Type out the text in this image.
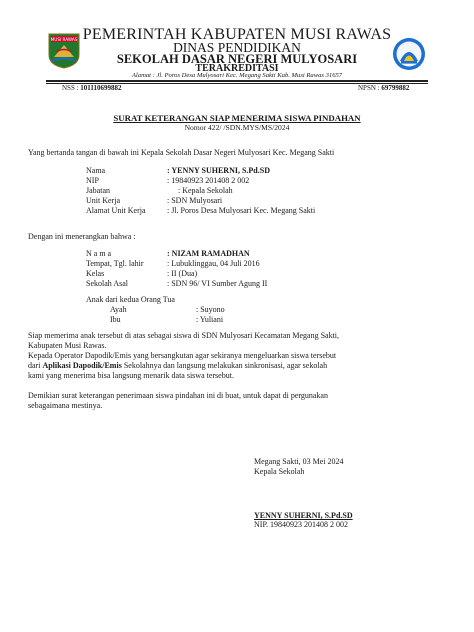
MUSI RAWAS PEMERINTAH KABUPATEN MUSI RAWAS
DINAS PENDIDIKAN
SEKOLAH DASAR NEGERI MULYOSARI
TERAKREDITASI
Alamat : Jl. Poros Desa Mulyosari Kec. Megang Sakti Kab. Musi Rawas 31657
NSS : 101110699882	NPSN : 69799882
SURAT KETERANGAN SIAP MENERIMA SISWA PINDAHAN
Nomor 422/ /SDN.MYS/MS/2024
Yang bertanda tangan di bawah ini Kepala Sekolah Dasar Negeri Mulyosari Kec. Megang Sakti
Nama	: YENNY SUHERNI, S.Pd.SD
NIP	: 19840923 201408 2 002
Jabatan	: Kepala Sekolah
Unit Kerja	: SDN Mulyosari
Alamat Unit Kerja	: Jl. Poros Desa Mulyosari Kec. Megang Sakti
Dengan ini menerangkan bahwa :
N a m a	: NIZAM RAMADHAN
Tempat, Tgl. lahir	: Lubuklinggau, 04 Juli 2016
Kelas	: II (Dua)
Sekolah Asal	: SDN 96/ VI Sumber Agung II
Anak dari kedua Orang Tua
Ayah	: Suyono
Ibu	: Yuliani
Siap memerima anak tersebut di atas sebagai siswa di SDN Mulyosari Kecamatan Megang Sakti,
Kabupaten Musi Rawas.
Kepada Operator Dapodik/Emis yang bersangkutan agar sekiranya mengeluarkan siswa tersebut
dari Aplikasi Dapodik/Emis Sekolahnya dan langsung melakukan sinkronisasi, agar sekolah
kami yang menerima bisa langsung menarik data siswa tersebut.
Demikian surat keterangan penerimaan siswa pindahan ini di buat, untuk dapat di pergunakan
sebagaimana mestinya.
Megang Sakti, 03 Mei 2024
Kepala Sekolah
YENNY SUHERNI, S.Pd.SD
NIP. 19840923 201408 2 002
